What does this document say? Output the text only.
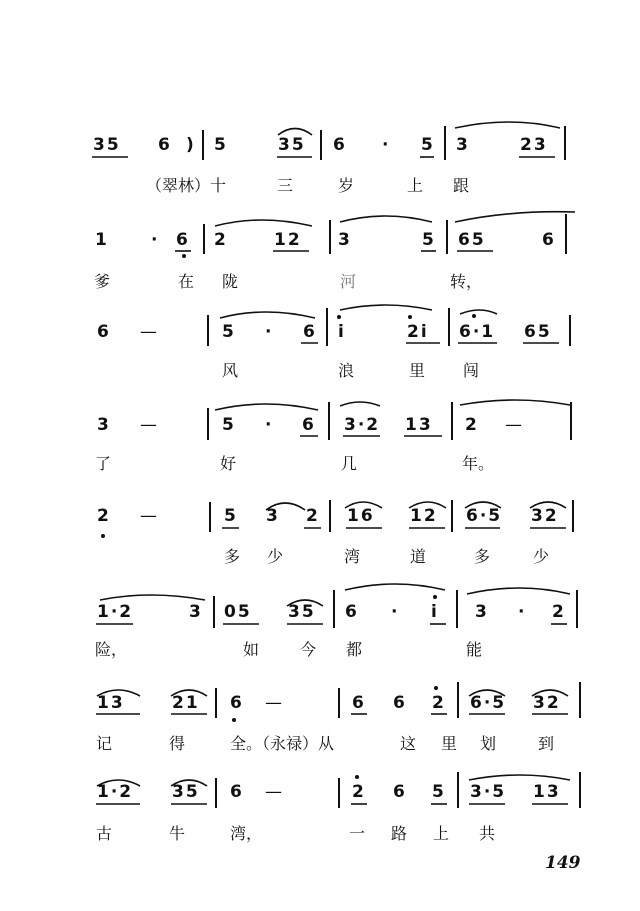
35 6 ) 5	35 6 · 5 3	23
（翠林）十	三	岁	上 跟
1 · 6 2	12 3	5 65	6
爹	在 陇	河	转，
6 —	5 · 6 i	2i 6·1 65
风	浪	里 闯
3 —	5 · 6 3·2 13 2 —
了	好	几	年。
2 —	5 3 2 16 12 6·5 32
多 少	湾	道	多	少
1·2	3 05 35 6 · i 3 · 2
险，	如	今 都	能
13	21 6 —	6 6 2 6·5 32
记	得	全。（永禄）从	这 里 划	到
1·2 35 6 —	2 6 5 3·5 13
古	牛	湾，	一 路 上 共
149
